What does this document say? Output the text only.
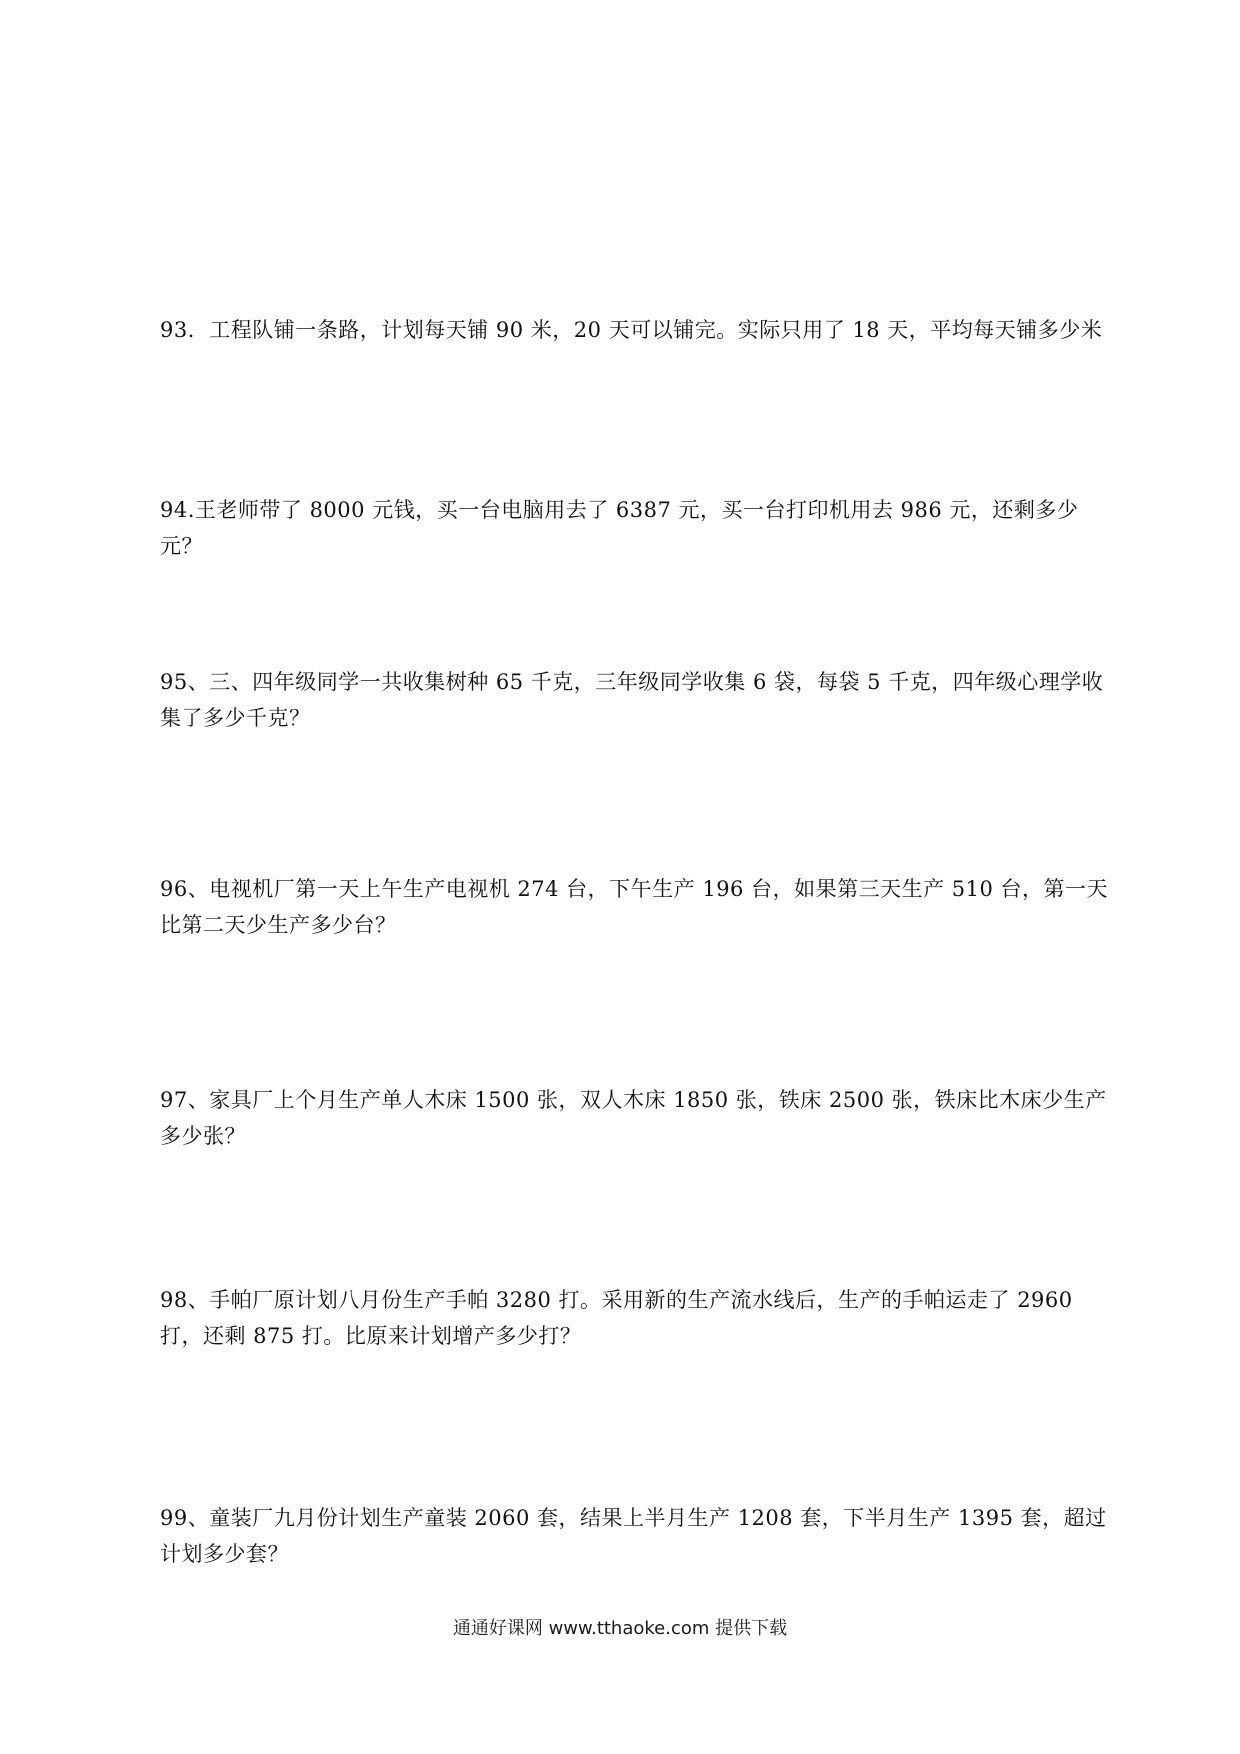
93．工程队铺一条路，计划每天铺 90 米，20 天可以铺完。实际只用了 18 天，平均每天铺多少米
94.王老师带了 8000 元钱，买一台电脑用去了 6387 元，买一台打印机用去 986 元，还剩多少元？
95、三、四年级同学一共收集树种 65 千克，三年级同学收集 6 袋，每袋 5 千克，四年级心理学收集了多少千克？
96、电视机厂第一天上午生产电视机 274 台，下午生产 196 台，如果第三天生产 510 台，第一天比第二天少生产多少台？
97、家具厂上个月生产单人木床 1500 张，双人木床 1850 张，铁床 2500 张，铁床比木床少生产多少张？
98、手帕厂原计划八月份生产手帕 3280 打。采用新的生产流水线后，生产的手帕运走了 2960 打，还剩 875 打。比原来计划增产多少打？
99、童装厂九月份计划生产童装 2060 套，结果上半月生产 1208 套，下半月生产 1395 套，超过计划多少套？
通通好课网 www.tthaoke.com 提供下载
